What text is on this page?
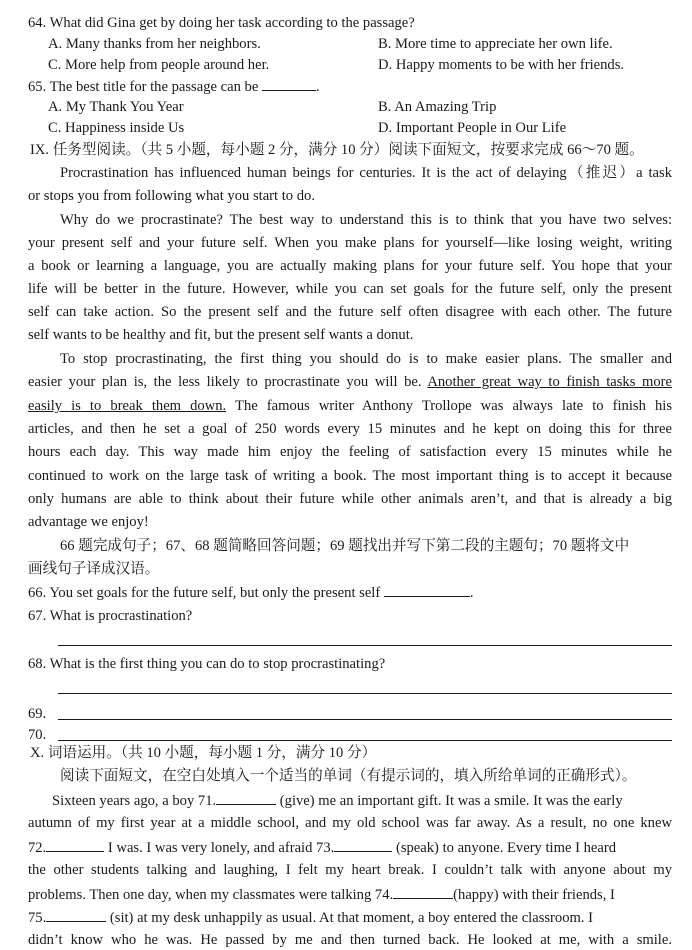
64. What did Gina get by doing her task according to the passage?
A. Many thanks from her neighbors.	B. More time to appreciate her own life.
C. More help from people around her.	D. Happy moments to be with her friends.
65. The best title for the passage can be	.
A. My Thank You Year	B. An Amazing Trip
C. Happiness inside Us	D. Important People in Our Life
IX. 任务型阅读。（共 5 小题，每小题 2 分，满分 10 分）阅读下面短文，按要求完成 66～70 题。
Procrastination has influenced human beings for centuries. It is the act of delaying（推迟）a task
or stops you from following what you start to do.
Why do we procrastinate? The best way to understand this is to think that you have two selves:
your present self and your future self. When you make plans for yourself—like losing weight, writing
a book or learning a language, you are actually making plans for your future self. You hope that your
life will be better in the future. However, while you can set goals for the future self, only the present
self can take action. So the present self and the future self often disagree with each other. The future
self wants to be healthy and fit, but the present self wants a donut.
To stop procrastinating, the first thing you should do is to make easier plans. The smaller and
easier your plan is, the less likely to procrastinate you will be. Another great way to finish tasks more
easily is to break them down. The famous writer Anthony Trollope was always late to finish his
articles, and then he set a goal of 250 words every 15 minutes and he kept on doing this for three
hours each day. This way made him enjoy the feeling of satisfaction every 15 minutes while he
continued to work on the large task of writing a book. The most important thing is to accept it because
only humans are able to think about their future while other animals aren’t, and that is already a big
advantage we enjoy!
66 题完成句子；67、68 题简略回答问题；69 题找出并写下第二段的主题句；70 题将文中
画线句子译成汉语。
66. You set goals for the future self, but only the present self	.
67. What is procrastination?
68. What is the first thing you can do to stop procrastinating?
69.
70.
X. 词语运用。（共 10 小题，每小题 1 分，满分 10 分）
阅读下面短文，在空白处填入一个适当的单词（有提示词的，填入所给单词的正确形式）。
Sixteen years ago, a boy 71.	(give) me an important gift. It was a smile. It was the early
autumn of my first year at a middle school, and my old school was far away. As a result, no one knew
72.	I was. I was very lonely, and afraid 73.	(speak) to anyone. Every time I heard
the other students talking and laughing, I felt my heart break. I couldn’t talk with anyone about my
problems. Then one day, when my classmates were talking 74.	(happy) with their friends, I
75.	(sit) at my desk unhappily as usual. At that moment, a boy entered the classroom. I
didn’t know who he was. He passed by me and then turned back. He looked at me, with a smile.
